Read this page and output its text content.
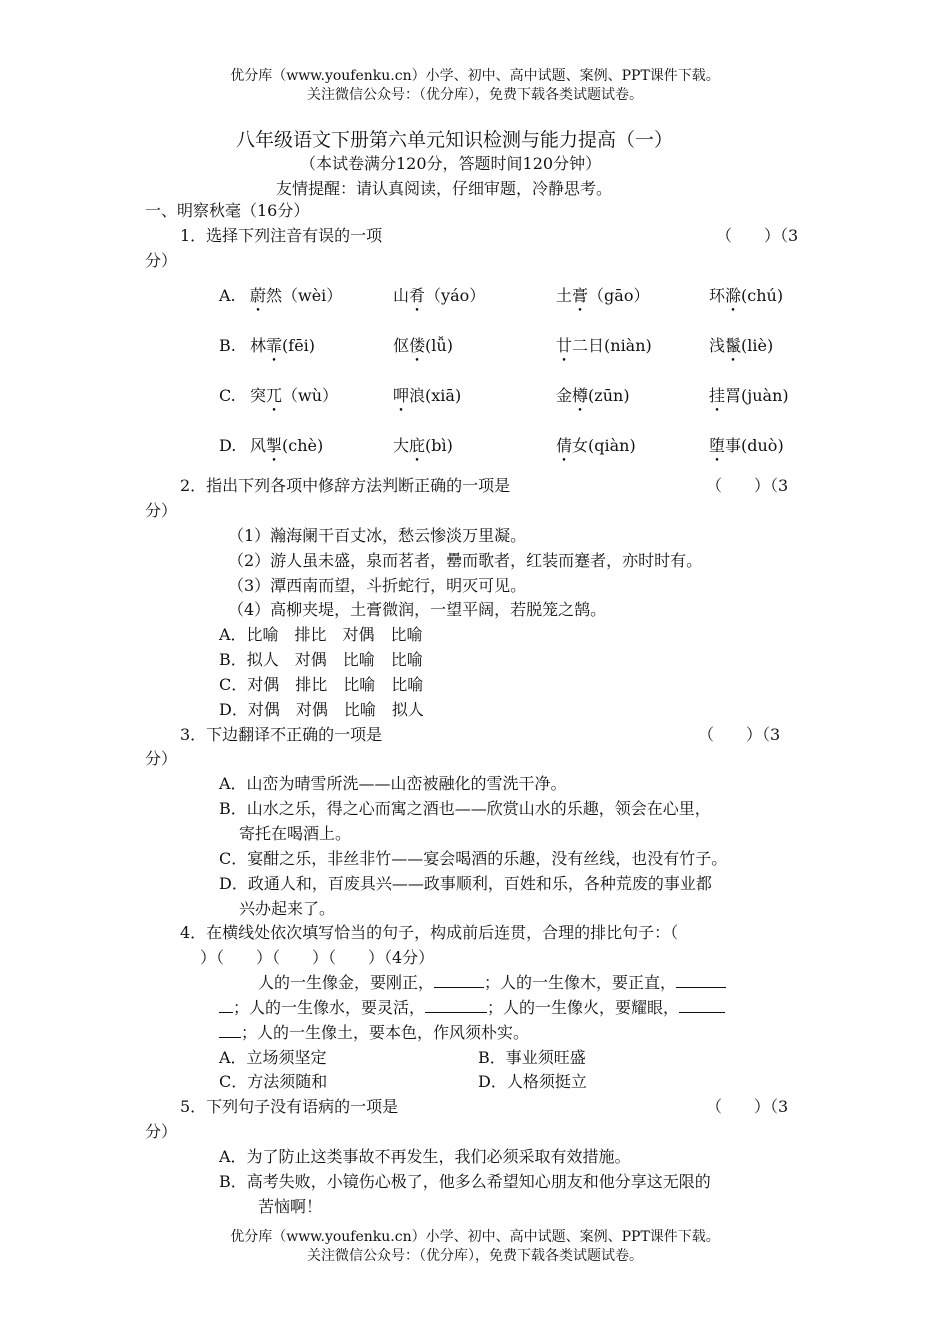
优分库（www.youfenku.cn）小学、初中、高中试题、案例、PPT课件下载。
关注微信公众号：（优分库），免费下载各类试题试卷。
八年级语文下册第六单元知识检测与能力提高（一）
（本试卷满分120分，答题时间120分钟）
友情提醒：请认真阅读，仔细审题，冷静思考。
一、明察秋毫（16分）
1．选择下列注音有误的一项	（　　）（3
分）
A. 蔚然（wèi）	山肴（yáo）	土膏（gāo）	环滁(chú)
B. 林霏(fēi)	伛偻(lǚ)	廿二日(niàn)	浅鬣(liè)
C. 突兀（wù）	呷浪(xiā)	金樽(zūn)	挂罥(juàn)
D. 风掣(chè)	大庇(bì)	倩女(qiàn)	堕事(duò)
2．指出下列各项中修辞方法判断正确的一项是	（　　）（3
分）
（1）瀚海阑干百丈冰，愁云惨淡万里凝。
（2）游人虽未盛，泉而茗者，罍而歌者，红装而蹇者，亦时时有。
（3）潭西南而望，斗折蛇行，明灭可见。
（4）高柳夹堤，土膏微润，一望平阔，若脱笼之鹄。
A．比喻　排比　对偶　比喻
B．拟人　对偶　比喻　比喻
C．对偶　排比　比喻　比喻
D．对偶　对偶　比喻　拟人
3．下边翻译不正确的一项是	（　　）（3
分）
A．山峦为晴雪所洗——山峦被融化的雪洗干净。
B．山水之乐，得之心而寓之酒也——欣赏山水的乐趣，领会在心里，
寄托在喝酒上。
C．宴酣之乐，非丝非竹——宴会喝酒的乐趣，没有丝线，也没有竹子。
D．政通人和，百废具兴——政事顺利，百姓和乐，各种荒废的事业都
兴办起来了。
4．在横线处依次填写恰当的句子，构成前后连贯，合理的排比句子：（
）（　　）（　　）（　　）（4分）
人的一生像金，要刚正，	；人的一生像木，要正直，
；人的一生像水，要灵活，	；人的一生像火，要耀眼，
；人的一生像土，要本色，作风须朴实。
A．立场须坚定	B．事业须旺盛
C．方法须随和	D．人格须挺立
5．下列句子没有语病的一项是	（　　）（3
分）
A．为了防止这类事故不再发生，我们必须采取有效措施。
B．高考失败，小镜伤心极了，他多么希望知心朋友和他分享这无限的
苦恼啊！
优分库（www.youfenku.cn）小学、初中、高中试题、案例、PPT课件下载。
关注微信公众号：（优分库），免费下载各类试题试卷。
